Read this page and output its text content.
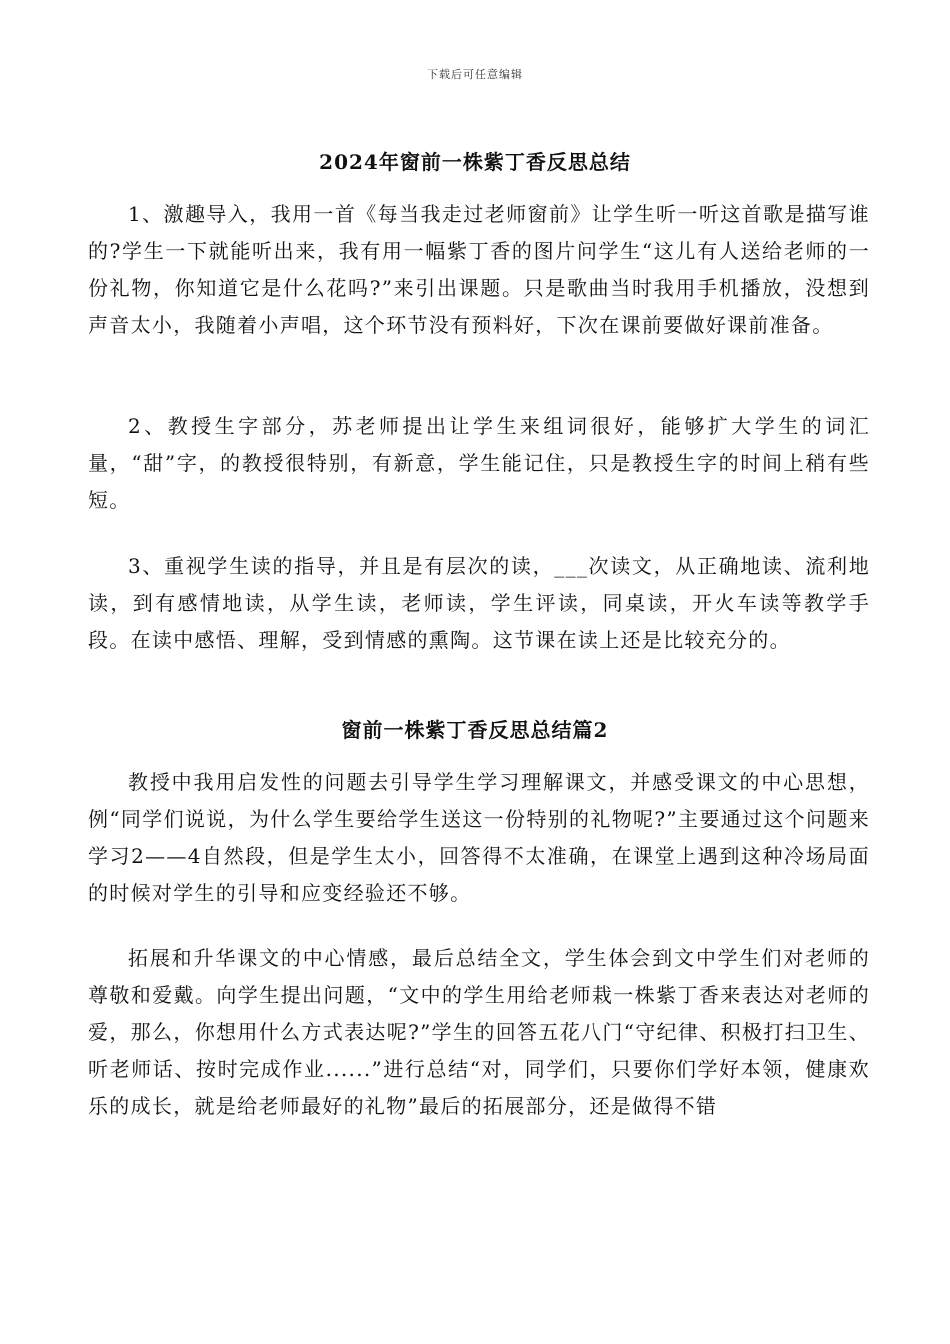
下载后可任意编辑
2024年窗前一株紫丁香反思总结

1、激趣导入，我用一首《每当我走过老师窗前》让学生听一听这首歌是描写谁的?学生一下就能听出来，我有用一幅紫丁香的图片问学生“这儿有人送给老师的一份礼物，你知道它是什么花吗?”来引出课题。只是歌曲当时我用手机播放，没想到声音太小，我随着小声唱，这个环节没有预料好，下次在课前要做好课前准备。

2、教授生字部分，苏老师提出让学生来组词很好，能够扩大学生的词汇量，“甜”字，的教授很特别，有新意，学生能记住，只是教授生字的时间上稍有些短。

3、重视学生读的指导，并且是有层次的读，___次读文，从正确地读、流利地读，到有感情地读，从学生读，老师读，学生评读，同桌读，开火车读等教学手段。在读中感悟、理解，受到情感的熏陶。这节课在读上还是比较充分的。

窗前一株紫丁香反思总结篇2

教授中我用启发性的问题去引导学生学习理解课文，并感受课文的中心思想，例“同学们说说，为什么学生要给学生送这一份特别的礼物呢?”主要通过这个问题来学习2——4自然段，但是学生太小，回答得不太准确，在课堂上遇到这种冷场局面的时候对学生的引导和应变经验还不够。

拓展和升华课文的中心情感，最后总结全文，学生体会到文中学生们对老师的尊敬和爱戴。向学生提出问题，“文中的学生用给老师栽一株紫丁香来表达对老师的爱，那么，你想用什么方式表达呢?”学生的回答五花八门“守纪律、积极打扫卫生、听老师话、按时完成作业......”进行总结“对，同学们，只要你们学好本领，健康欢乐的成长，就是给老师最好的礼物”最后的拓展部分，还是做得不错
